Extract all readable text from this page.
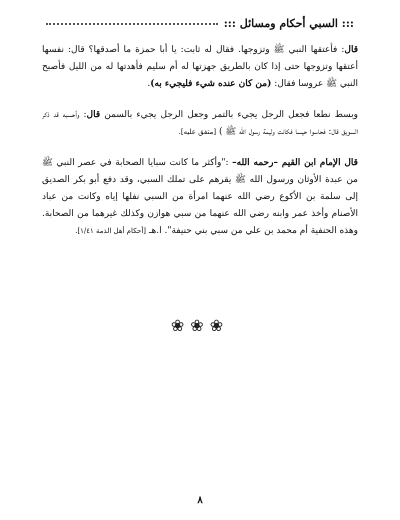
::: السبي أحكام ومسائل :::

قال: فأعتقها النبي ﷺ وتزوجها. فقال له ثابت: يا أبا حمزة ما أصدقها؟ قال: نفسها أعتقها وتزوجها حتى إذا كان بالطريق جهزتها له أم سليم فأهدتها له من الليل فأصبح النبي ﷺ عروسا فقال: (من كان عنده شيء فليجيء به).

وبسط نطعا فجعل الرجل يجيء بالتمر وجعل الرجل يجيء بالسمن قال: وأحسبه قد ذكر السويق قال: فحاسوا حيسا فكانت وليمة رسول الله ﷺ ) [متفق عليه].

قال الإمام ابن القيم –رحمه الله– :"وأكثر ما كانت سبايا الصحابة في عصر النبي ﷺ من عبدة الأوثان ورسول الله ﷺ يقرهم على تملك السبي، وقد دفع أبو بكر الصديق إلى سلمة بن الأكوع رضي الله عنهما امرأة من السبي نفلها إياه وكانت من عباد الأصنام وأخذ عمر وابنه رضي الله عنهما من سبي هوازن وكذلك غيرهما من الصحابة. وهذه الحنفية أم محمد بن علي من سبي بني حنيفة". ا.هـ [أحكام أهل الذمة ١/٤١].

❀❀❀
٨
